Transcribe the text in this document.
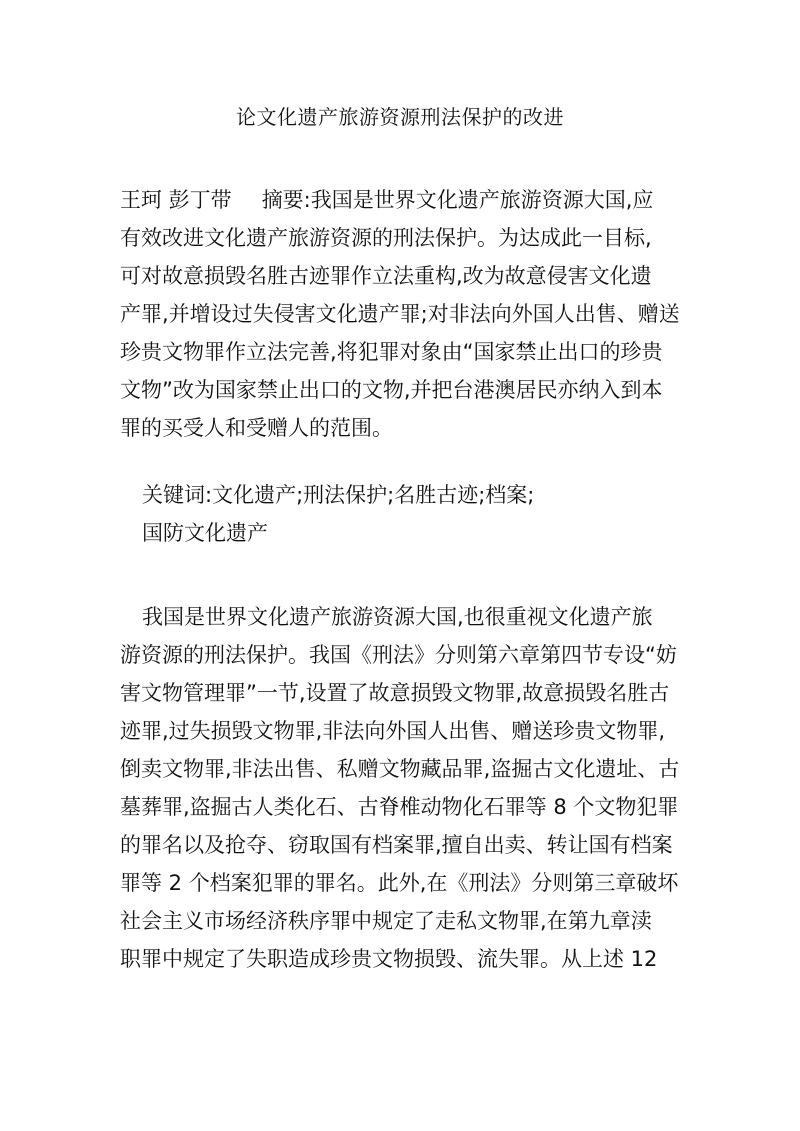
论文化遗产旅游资源刑法保护的改进
王珂 彭丁带 摘要:我国是世界文化遗产旅游资源大国,应
有效改进文化遗产旅游资源的刑法保护。为达成此一目标,
可对故意损毁名胜古迹罪作立法重构,改为故意侵害文化遗
产罪,并增设过失侵害文化遗产罪;对非法向外国人出售、赠送
珍贵文物罪作立法完善,将犯罪对象由“国家禁止出口的珍贵
文物”改为国家禁止出口的文物,并把台港澳居民亦纳入到本
罪的买受人和受赠人的范围。
关键词:文化遗产;刑法保护;名胜古迹;档案;
国防文化遗产
我国是世界文化遗产旅游资源大国,也很重视文化遗产旅
游资源的刑法保护。我国《刑法》分则第六章第四节专设“妨
害文物管理罪”一节,设置了故意损毁文物罪,故意损毁名胜古
迹罪,过失损毁文物罪,非法向外国人出售、赠送珍贵文物罪,
倒卖文物罪,非法出售、私赠文物藏品罪,盗掘古文化遗址、古
墓葬罪,盗掘古人类化石、古脊椎动物化石罪等 8 个文物犯罪
的罪名以及抢夺、窃取国有档案罪,擅自出卖、转让国有档案
罪等 2 个档案犯罪的罪名。此外,在《刑法》分则第三章破坏
社会主义市场经济秩序罪中规定了走私文物罪,在第九章渎
职罪中规定了失职造成珍贵文物损毁、流失罪。从上述 12
